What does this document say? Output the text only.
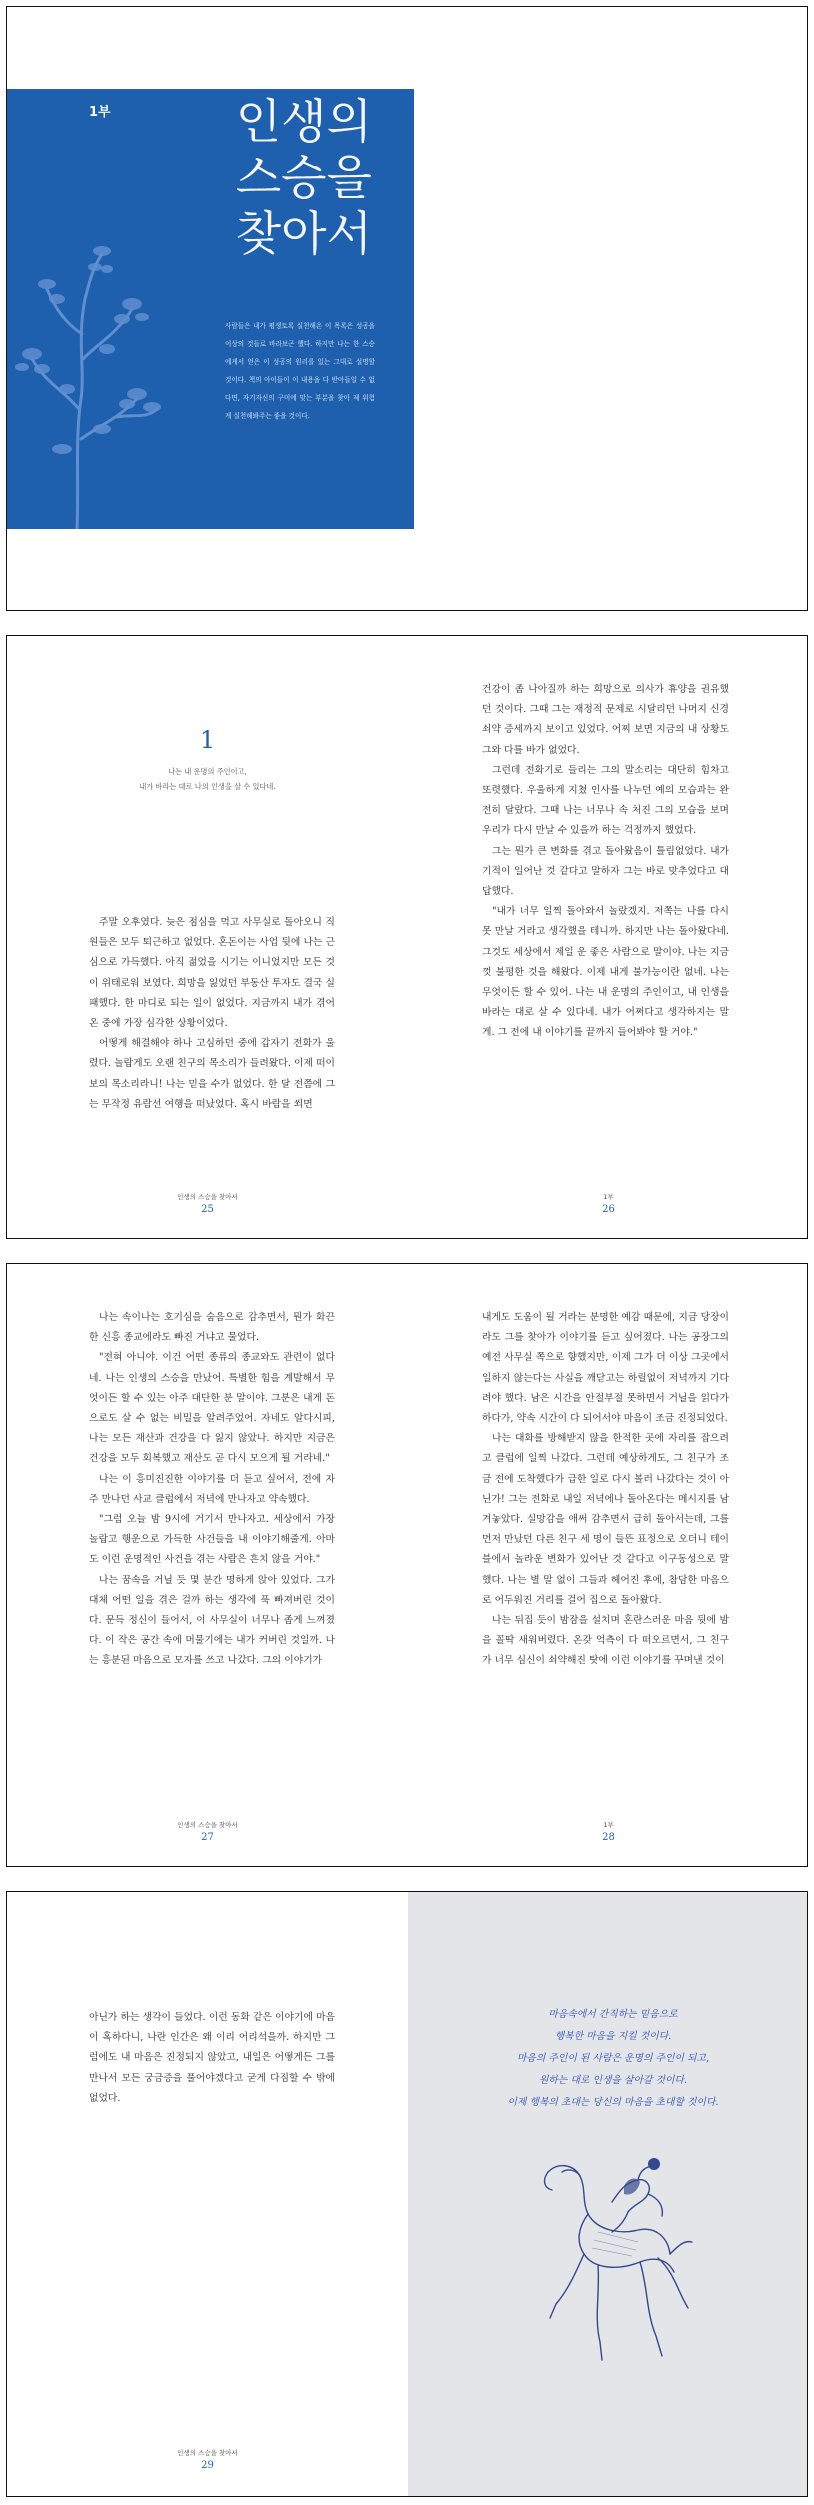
1부	인생의
스승을
찾아서

사람들은 내가 평생토록 실천해온 이 목록은 성공을 이상의 것들로 바라보곤 했다. 하지만 나는 한 스승에게서 얻은 이 성공의 원리를 있는 그대로 설명할 것이다. 책의 아이들이 이 내용을 다 받아들일 수 없다면, 자기자신의 구미에 맞는 부분을 찾아 제 위험게 실천해봐주는 좋을 것이다.

1
나는 내 운명의 주인이고,
내가 바라는 대로 나의 인생을 살 수 있다네.

주말 오후였다. 늦은 점심을 먹고 사무실로 돌아오니 직원들은 모두 퇴근하고 없었다. 혼돈이는 사업 뒷에 나는 근심으로 가득했다. 아직 젊었을 시기는 이니었지만 모든 것이 위태로워 보였다. 희망을 잃었던 부동산 투자도 결국 실패했다. 한 마디로 되는 일이 없었다. 지금까지 내가 겪어온 중에 가장 심각한 상황이었다.

어떻게 해결해야 하나 고심하던 중에 갑자기 전화가 울렸다. 놀랍게도 오랜 친구의 목소리가 들려왔다. 이제 떠이보의 목소리라니! 나는 믿을 수가 없었다. 한 달 전쯤에 그는 무작정 유람선 여행을 떠났었다. 혹시 바람을 쐬면

인생의 스승을 찾아서
25

건강이 좀 나아질까 하는 희망으로 의사가 휴양을 권유했던 것이다. 그때 그는 재정적 문제로 시달리던 나머지 신경쇠약 증세까지 보이고 있었다. 어찌 보면 지금의 내 상황도 그와 다를 바가 없었다.

그런데 전화기로 들리는 그의 말소리는 대단히 힘차고 또렷했다. 우울하게 지쳤 인사를 나누던 예의 모습과는 완전히 달랐다. 그때 나는 너무나 속 처진 그의 모습을 보며 우리가 다시 만날 수 있을까 하는 걱정까지 했었다.

그는 뭔가 큰 변화를 겪고 돌아왔음이 틀림없었다. 내가 기적이 일어난 것 같다고 말하자 그는 바로 맞추었다고 대답했다.

"내가 너무 일찍 돌아와서 놀랐겠지. 저쪽는 나를 다시 못 만날 거라고 생각했을 테니까. 하지만 나는 돌아왔다네. 그것도 세상에서 제일 운 좋은 사람으로 말이야. 나는 지금껏 불평한 것을 해왔다. 이제 내게 불가능이란 없네. 나는 무엇이든 할 수 있어. 나는 내 운명의 주인이고, 내 인생을 바라는 대로 살 수 있다네. 내가 어쩌다고 생각하지는 말게. 그 전에 내 이야기를 끝까지 들어봐야 할 거야."

1부
26

나는 속이나는 호기심을 숨음으로 감추면서, 뭔가 화끈한 신흥 종교에라도 빠진 거냐고 물었다.

"전혀 아니야. 이건 어떤 종류의 종교와도 관련이 없다네. 나는 인생의 스승을 만났어. 특별한 힘을 계발해서 무엇이든 할 수 있는 아주 대단한 분 말이야. 그분은 내게 돈으로도 살 수 없는 비밀을 알려주었어. 자네도 알다시피, 나는 모든 재산과 건강을 다 잃지 않았나. 하지만 지금은 건강을 모두 회복했고 재산도 곧 다시 모으게 될 거라네."

나는 이 흥미진진한 이야기를 더 듣고 싶어서, 전에 자주 만나던 사교 클럽에서 저녁에 만나자고 약속했다.

"그럼 오늘 밤 9시에 거기서 만나자고. 세상에서 가장 놀랍고 행운으로 가득한 사건들을 내 이야기해줄게. 아마도 이런 운명적인 사건을 겪는 사람은 흔치 않을 거야."

나는 꿈속을 거닐 듯 몇 분간 명하게 앉아 있었다. 그가 대체 어떤 일을 겪은 걸까 하는 생각에 푹 빠져버린 것이다. 문득 정신이 들어서, 이 사무실이 너무나 좁게 느껴졌다. 이 작은 공간 속에 머물기에는 내가 커버린 것일까. 나는 흥분된 마음으로 모자를 쓰고 나갔다. 그의 이야기가

인생의 스승을 찾아서
27

내게도 도움이 될 거라는 분명한 예감 때문에, 지금 당장이라도 그를 찾아가 이야기를 듣고 싶어졌다. 나는 공장그의 예전 사무실 쪽으로 향했지만, 이제 그가 더 이상 그곳에서 일하지 않는다는 사실을 깨닫고는 하릴없이 저녁까지 기다려야 했다. 남은 시간을 안절부절 못하면서 거닐을 읽다가 하다가, 약속 시간이 다 되어서야 마음이 조금 진정되었다.

나는 대화를 방해받지 않을 한적한 곳에 자리를 잡으려고 클럽에 일찍 나갔다. 그런데 예상하게도, 그 친구가 조금 전에 도착했다가 급한 일로 다시 볼러 나갔다는 것이 아닌가! 그는 전화로 내일 저녁에나 돌아온다는 메시지를 남겨놓았다. 실망감을 애써 감추면서 급히 돌아서는데, 그를 먼저 만났던 다른 친구 세 명이 들뜬 표정으로 오더니 테이블에서 놀라운 변화가 있어난 것 같다고 이구동성으로 말했다. 나는 별 말 없이 그들과 헤어진 후에, 참담한 마음으로 어두워진 거리를 걸어 집으로 돌아왔다.

나는 뒤집 듯이 밤잠을 설치며 혼란스러운 마음 뒷에 밤을 꼴딱 새워버렸다. 온갖 억측이 다 떠오르면서, 그 친구가 너무 심신이 쇠약해진 탓에 이런 이야기를 꾸며낸 것이

1부
28

아닌가 하는 생각이 들었다. 이런 동화 같은 이야기에 마음이 혹하다니, 나란 인간은 왜 이리 어리석을까. 하지만 그럼에도 내 마음은 진정되지 않았고, 내일은 어떻게든 그를 만나서 모든 궁금증을 풀어야겠다고 굳게 다짐할 수 밖에 없었다.

인생의 스승을 찾아서
29
마음속에서 간직하는 믿음으로
행복한 마음을 지킬 것이다.
마음의 주인이 된 사람은 운명의 주인이 되고,
원하는 대로 인생을 살아갈 것이다.
이제 행복의 초대는 당신의 마음을 초대할 것이다.
